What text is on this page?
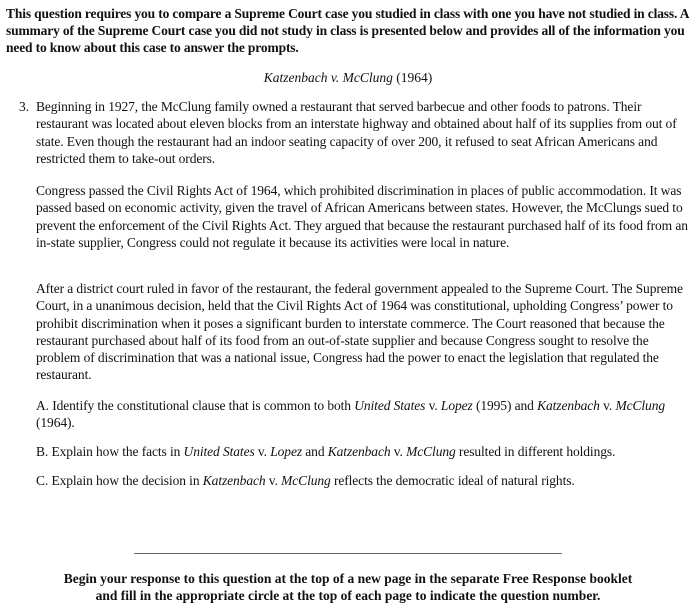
This question requires you to compare a Supreme Court case you studied in class with one you have not studied in class. A summary of the Supreme Court case you did not study in class is presented below and provides all of the information you need to know about this case to answer the prompts.
Katzenbach v. McClung (1964)
3. Beginning in 1927, the McClung family owned a restaurant that served barbecue and other foods to patrons. Their restaurant was located about eleven blocks from an interstate highway and obtained about half of its supplies from out of state. Even though the restaurant had an indoor seating capacity of over 200, it refused to seat African Americans and restricted them to take-out orders.
Congress passed the Civil Rights Act of 1964, which prohibited discrimination in places of public accommodation. It was passed based on economic activity, given the travel of African Americans between states. However, the McClungs sued to prevent the enforcement of the Civil Rights Act. They argued that because the restaurant purchased half of its food from an in-state supplier, Congress could not regulate it because its activities were local in nature.
After a district court ruled in favor of the restaurant, the federal government appealed to the Supreme Court. The Supreme Court, in a unanimous decision, held that the Civil Rights Act of 1964 was constitutional, upholding Congress’ power to prohibit discrimination when it poses a significant burden to interstate commerce. The Court reasoned that because the restaurant purchased about half of its food from an out-of-state supplier and because Congress sought to resolve the problem of discrimination that was a national issue, Congress had the power to enact the legislation that regulated the restaurant.
A. Identify the constitutional clause that is common to both United States v. Lopez (1995) and Katzenbach v. McClung (1964).
B. Explain how the facts in United States v. Lopez and Katzenbach v. McClung resulted in different holdings.
C. Explain how the decision in Katzenbach v. McClung reflects the democratic ideal of natural rights.
Begin your response to this question at the top of a new page in the separate Free Response booklet
and fill in the appropriate circle at the top of each page to indicate the question number.
